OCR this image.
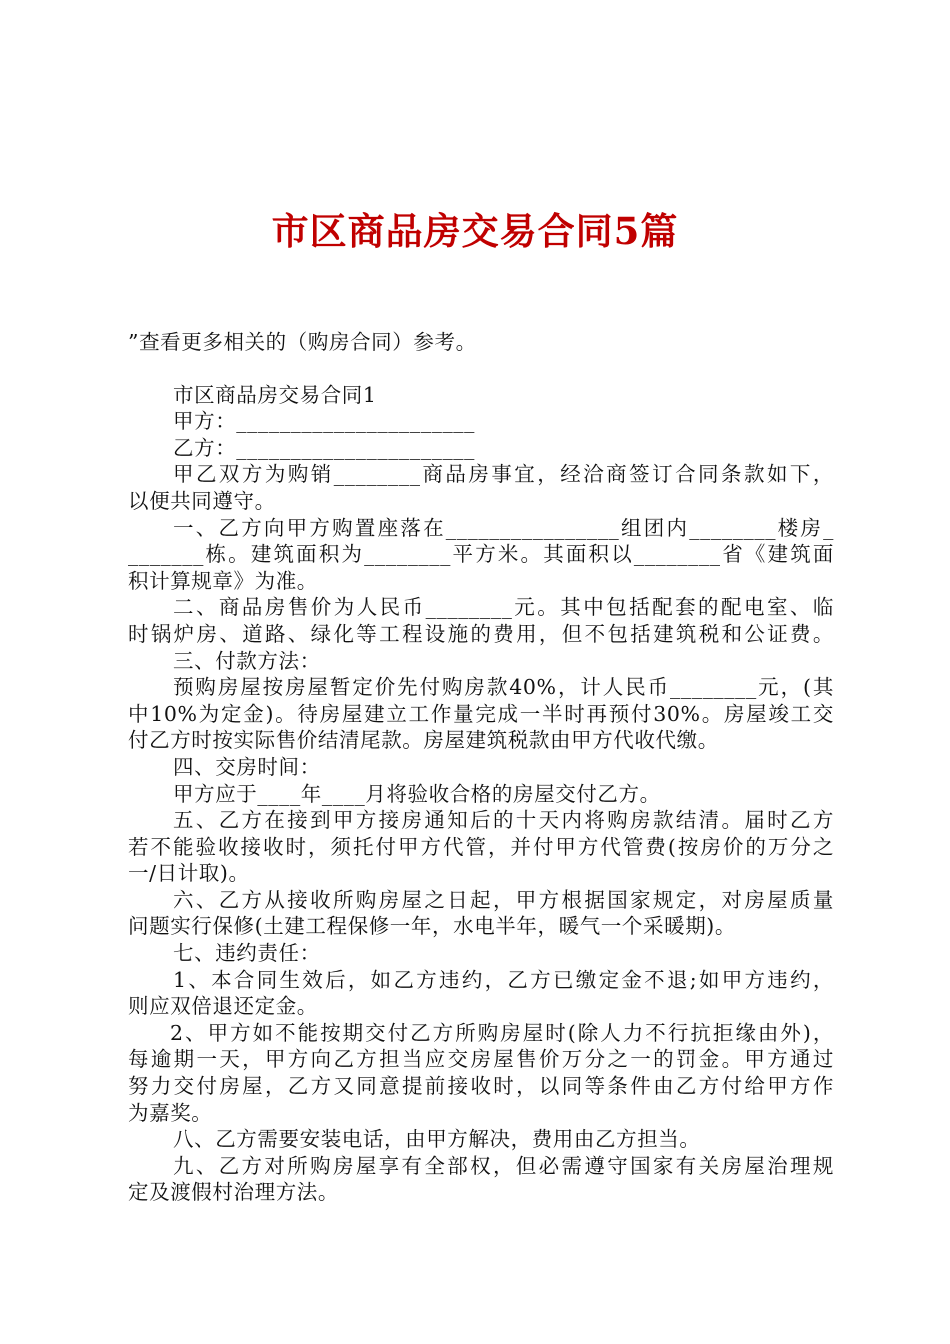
市区商品房交易合同5篇

”查看更多相关的（购房合同）参考。

市区商品房交易合同1

甲方：______________________

乙方：______________________

甲乙双方为购销________商品房事宜，经洽商签订合同条款如下，

以便共同遵守。

一、乙方向甲方购置座落在________________组团内________楼房_

_______栋。建筑面积为________平方米。其面积以________省《建筑面

积计算规章》为准。

二、商品房售价为人民币________元。其中包括配套的配电室、临

时锅炉房、道路、绿化等工程设施的费用，但不包括建筑税和公证费。

三、付款方法：

预购房屋按房屋暂定价先付购房款40%，计人民币________元，(其

中10%为定金)。待房屋建立工作量完成一半时再预付30%。房屋竣工交

付乙方时按实际售价结清尾款。房屋建筑税款由甲方代收代缴。

四、交房时间：

甲方应于____年____月将验收合格的房屋交付乙方。

五、乙方在接到甲方接房通知后的十天内将购房款结清。届时乙方

若不能验收接收时，须托付甲方代管，并付甲方代管费(按房价的万分之

一/日计取)。

六、乙方从接收所购房屋之日起，甲方根据国家规定，对房屋质量

问题实行保修(土建工程保修一年，水电半年，暖气一个采暖期)。

七、违约责任：

1、本合同生效后，如乙方违约，乙方已缴定金不退;如甲方违约，

则应双倍退还定金。

2、甲方如不能按期交付乙方所购房屋时(除人力不行抗拒缘由外)，

每逾期一天，甲方向乙方担当应交房屋售价万分之一的罚金。甲方通过

努力交付房屋，乙方又同意提前接收时，以同等条件由乙方付给甲方作

为嘉奖。

八、乙方需要安装电话，由甲方解决，费用由乙方担当。

九、乙方对所购房屋享有全部权，但必需遵守国家有关房屋治理规

定及渡假村治理方法。
